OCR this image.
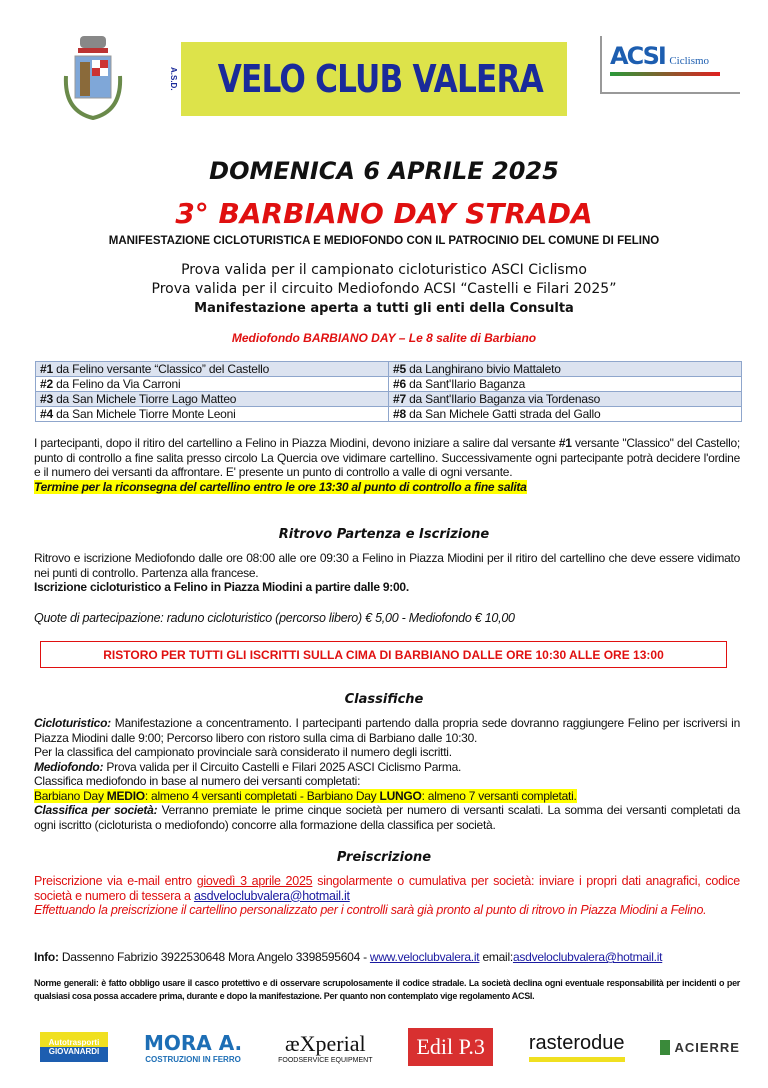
A.S.D. VELO CLUB VALERA
ACSI Ciclismo
DOMENICA 6 APRILE 2025
3° BARBIANO DAY STRADA
MANIFESTAZIONE CICLOTURISTICA E MEDIOFONDO CON IL PATROCINIO DEL COMUNE DI FELINO
Prova valida per il campionato cicloturistico ASCI Ciclismo
Prova valida per il circuito Mediofondo ACSI “Castelli e Filari 2025”
Manifestazione aperta a tutti gli enti della Consulta
Mediofondo BARBIANO DAY – Le 8 salite di Barbiano
#1 da Felino versante “Classico” del Castello	#5 da Langhirano bivio Mattaleto
#2 da Felino da Via Carroni	#6 da Sant'Ilario Baganza
#3 da San Michele Tiorre Lago Matteo	#7 da Sant'Ilario Baganza via Tordenaso
#4 da San Michele Tiorre Monte Leoni	#8 da San Michele Gatti strada del Gallo
I partecipanti, dopo il ritiro del cartellino a Felino in Piazza Miodini, devono iniziare a salire dal versante #1 versante "Classico" del Castello; punto di controllo a fine salita presso circolo La Quercia ove vidimare cartellino. Successivamente ogni partecipante potrà decidere l'ordine e il numero dei versanti da affrontare. E' presente un punto di controllo a valle di ogni versante.
Termine per la riconsegna del cartellino entro le ore 13:30 al punto di controllo a fine salita
Ritrovo Partenza e Iscrizione
Ritrovo e iscrizione Mediofondo dalle ore 08:00 alle ore 09:30 a Felino in Piazza Miodini per il ritiro del cartellino che deve essere vidimato nei punti di controllo. Partenza alla francese.
Iscrizione cicloturistico a Felino in Piazza Miodini a partire dalle 9:00.
Quote di partecipazione: raduno cicloturistico (percorso libero) € 5,00 - Mediofondo € 10,00
RISTORO PER TUTTI GLI ISCRITTI SULLA CIMA DI BARBIANO DALLE ORE 10:30 ALLE ORE 13:00
Classifiche
Cicloturistico: Manifestazione a concentramento. I partecipanti partendo dalla propria sede dovranno raggiungere Felino per iscriversi in Piazza Miodini dalle 9:00; Percorso libero con ristoro sulla cima di Barbiano dalle 10:30.
Per la classifica del campionato provinciale sarà considerato il numero degli iscritti.
Mediofondo: Prova valida per il Circuito Castelli e Filari 2025 ASCI Ciclismo Parma.
Classifica mediofondo in base al numero dei versanti completati:
Barbiano Day MEDIO: almeno 4 versanti completati - Barbiano Day LUNGO: almeno 7 versanti completati.
Classifica per società: Verranno premiate le prime cinque società per numero di versanti scalati. La somma dei versanti completati da ogni iscritto (cicloturista o mediofondo) concorre alla formazione della classifica per società.
Preiscrizione
Preiscrizione via e-mail entro giovedì 3 aprile 2025 singolarmente o cumulativa per società: inviare i propri dati anagrafici, codice società e numero di tessera a asdveloclubvalera@hotmail.it
Effettuando la preiscrizione il cartellino personalizzato per i controlli sarà già pronto al punto di ritrovo in Piazza Miodini a Felino.
Info: Dassenno Fabrizio 3922530648 Mora Angelo 3398595604 - www.veloclubvalera.it email:asdveloclubvalera@hotmail.it
Norme generali: è fatto obbligo usare il casco protettivo e di osservare scrupolosamente il codice stradale. La società declina ogni eventuale responsabilità per incidenti o per qualsiasi cosa possa accadere prima, durante e dopo la manifestazione. Per quanto non contemplato vige regolamento ACSI.
Autotrasporti GIOVANARDI	MORA A.
COSTRUZIONI IN FERRO
æXperial
FOODSERVICE EQUIPMENT
Edil P.3	rasterodue	ACIERRE
